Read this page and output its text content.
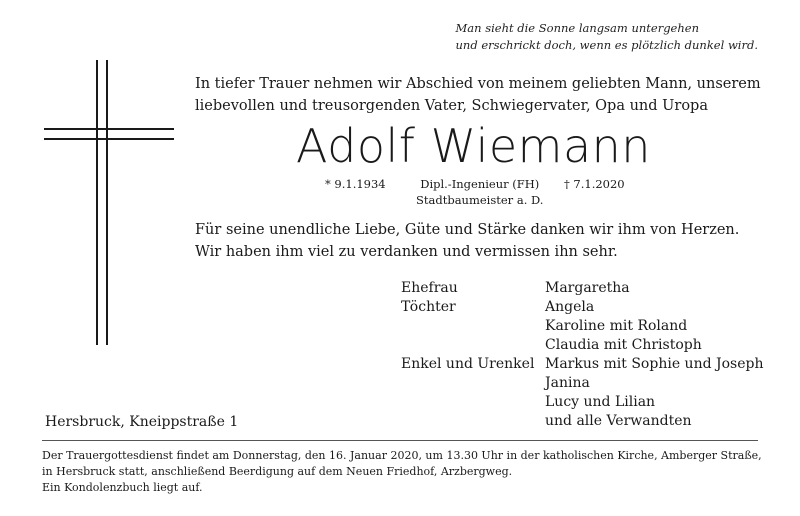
Man sieht die Sonne langsam untergehen
und erschrickt doch, wenn es plötzlich dunkel wird.
In tiefer Trauer nehmen wir Abschied von meinem geliebten Mann, unserem liebevollen und treusorgenden Vater, Schwiegervater, Opa und Uropa
Adolf Wiemann
* 9.1.1934	Dipl.-Ingenieur (FH)
Stadtbaumeister a. D.
† 7.1.2020
Für seine unendliche Liebe, Güte und Stärke danken wir ihm von Herzen.
Wir haben ihm viel zu verdanken und vermissen ihn sehr.
Ehefrau
Töchter
Enkel und Urenkel
Margaretha
Angela
Karoline mit Roland
Claudia mit Christoph
Markus mit Sophie und Joseph
Janina
Lucy und Lilian
und alle Verwandten
Hersbruck, Kneippstraße 1
Der Trauergottesdienst findet am Donnerstag, den 16. Januar 2020, um 13.30 Uhr in der katholischen Kirche, Amberger Straße,
in Hersbruck statt, anschließend Beerdigung auf dem Neuen Friedhof, Arzbergweg.
Ein Kondolenzbuch liegt auf.
